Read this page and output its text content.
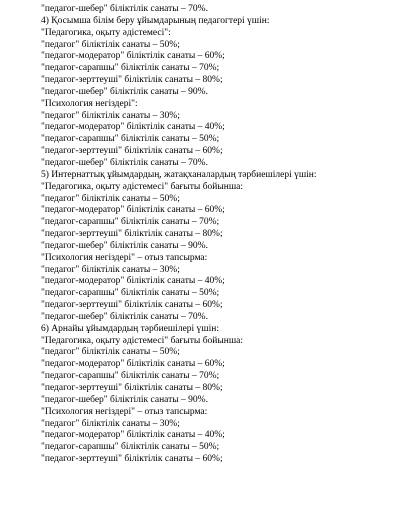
"педагог-шебер" біліктілік санаты – 70%.
4) Қосымша білім беру ұйымдарының педагогтері үшін:
"Педагогика, оқыту әдістемесі":
"педагог" біліктілік санаты – 50%;
"педагог-модератор" біліктілік санаты – 60%;
"педагог-сарапшы" біліктілік санаты – 70%;
"педагог-зерттеуші" біліктілік санаты – 80%;
"педагог-шебер" біліктілік санаты – 90%.
"Психология негіздері":
"педагог" біліктілік санаты – 30%;
"педагог-модератор" біліктілік санаты – 40%;
"педагог-сарапшы" біліктілік санаты – 50%;
"педагог-зерттеуші" біліктілік санаты – 60%;
"педагог-шебер" біліктілік санаты – 70%.
5) Интернаттық ұйымдардың, жатақханалардың тәрбиешілері үшін:
"Педагогика, оқыту әдістемесі" бағыты бойынша:
"педагог" біліктілік санаты – 50%;
"педагог-модератор" біліктілік санаты – 60%;
"педагог-сарапшы" біліктілік санаты – 70%;
"педагог-зерттеуші" біліктілік санаты – 80%;
"педагог-шебер" біліктілік санаты – 90%.
"Психология негіздері" – отыз тапсырма:
"педагог" біліктілік санаты – 30%;
"педагог-модератор" біліктілік санаты – 40%;
"педагог-сарапшы" біліктілік санаты – 50%;
"педагог-зерттеуші" біліктілік санаты – 60%;
"педагог-шебер" біліктілік санаты – 70%.
6) Арнайы ұйымдардың тәрбиешілері үшін:
"Педагогика, оқыту әдістемесі" бағыты бойынша:
"педагог" біліктілік санаты – 50%;
"педагог-модератор" біліктілік санаты – 60%;
"педагог-сарапшы" біліктілік санаты – 70%;
"педагог-зерттеуші" біліктілік санаты – 80%;
"педагог-шебер" біліктілік санаты – 90%.
"Психология негіздері" – отыз тапсырма:
"педагог" біліктілік санаты – 30%;
"педагог-модератор" біліктілік санаты – 40%;
"педагог-сарапшы" біліктілік санаты – 50%;
"педагог-зерттеуші" біліктілік санаты – 60%;
